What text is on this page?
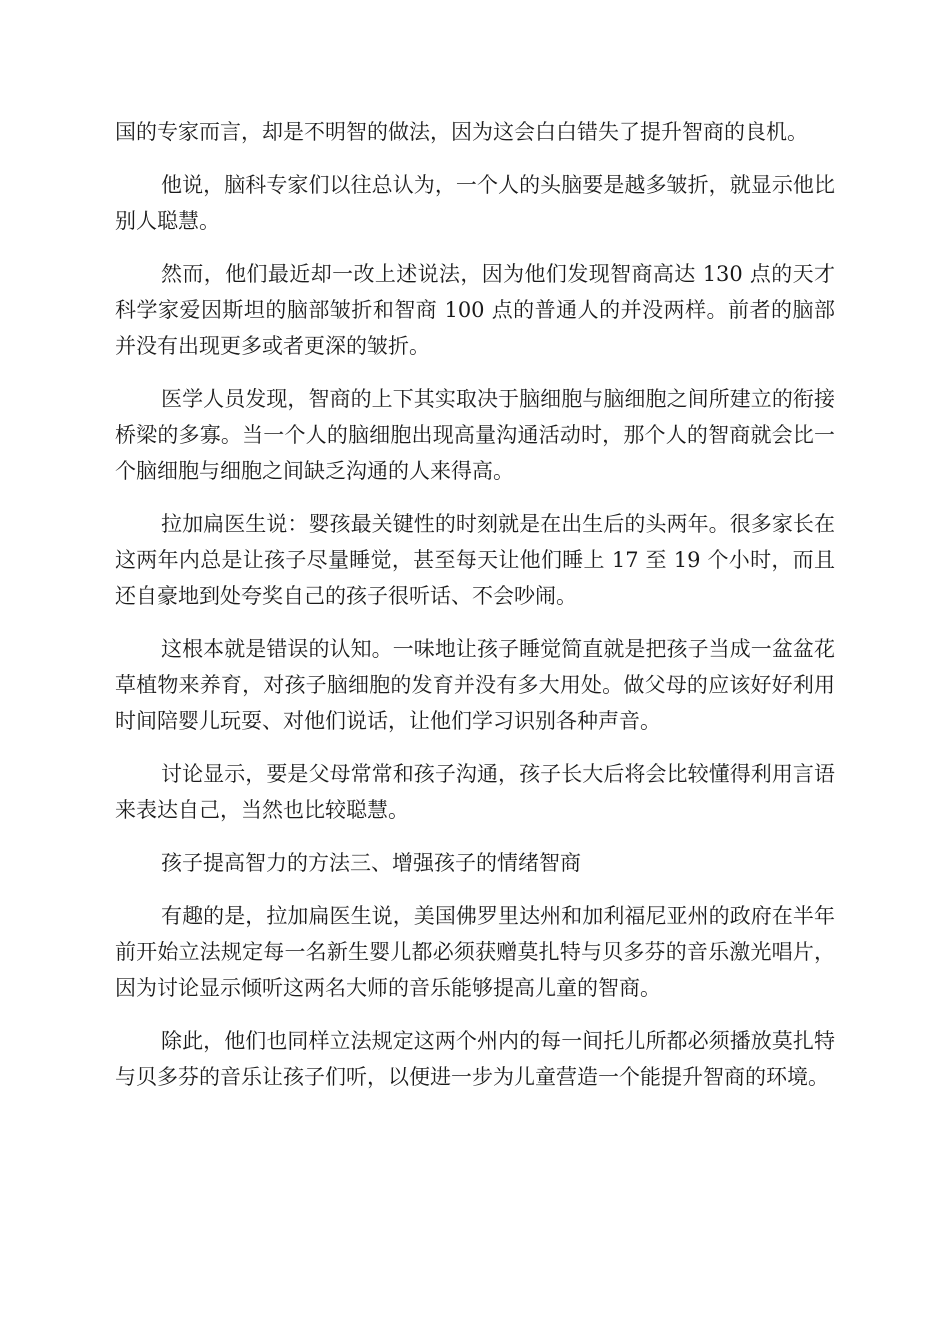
国的专家而言，却是不明智的做法，因为这会白白错失了提升智商的良机。

他说，脑科专家们以往总认为，一个人的头脑要是越多皱折，就显示他比别人聪慧。

然而，他们最近却一改上述说法，因为他们发现智商高达 130 点的天才科学家爱因斯坦的脑部皱折和智商 100 点的普通人的并没两样。前者的脑部并没有出现更多或者更深的皱折。

医学人员发现，智商的上下其实取决于脑细胞与脑细胞之间所建立的衔接桥梁的多寡。当一个人的脑细胞出现高量沟通活动时，那个人的智商就会比一个脑细胞与细胞之间缺乏沟通的人来得高。

拉加扁医生说：婴孩最关键性的时刻就是在出生后的头两年。很多家长在这两年内总是让孩子尽量睡觉，甚至每天让他们睡上 17 至 19 个小时，而且还自豪地到处夸奖自己的孩子很听话、不会吵闹。

这根本就是错误的认知。一味地让孩子睡觉简直就是把孩子当成一盆盆花草植物来养育，对孩子脑细胞的发育并没有多大用处。做父母的应该好好利用时间陪婴儿玩耍、对他们说话，让他们学习识别各种声音。

讨论显示，要是父母常常和孩子沟通，孩子长大后将会比较懂得利用言语来表达自己，当然也比较聪慧。

孩子提高智力的方法三、增强孩子的情绪智商

有趣的是，拉加扁医生说，美国佛罗里达州和加利福尼亚州的政府在半年前开始立法规定每一名新生婴儿都必须获赠莫扎特与贝多芬的音乐激光唱片，因为讨论显示倾听这两名大师的音乐能够提高儿童的智商。

除此，他们也同样立法规定这两个州内的每一间托儿所都必须播放莫扎特与贝多芬的音乐让孩子们听，以便进一步为儿童营造一个能提升智商的环境。
